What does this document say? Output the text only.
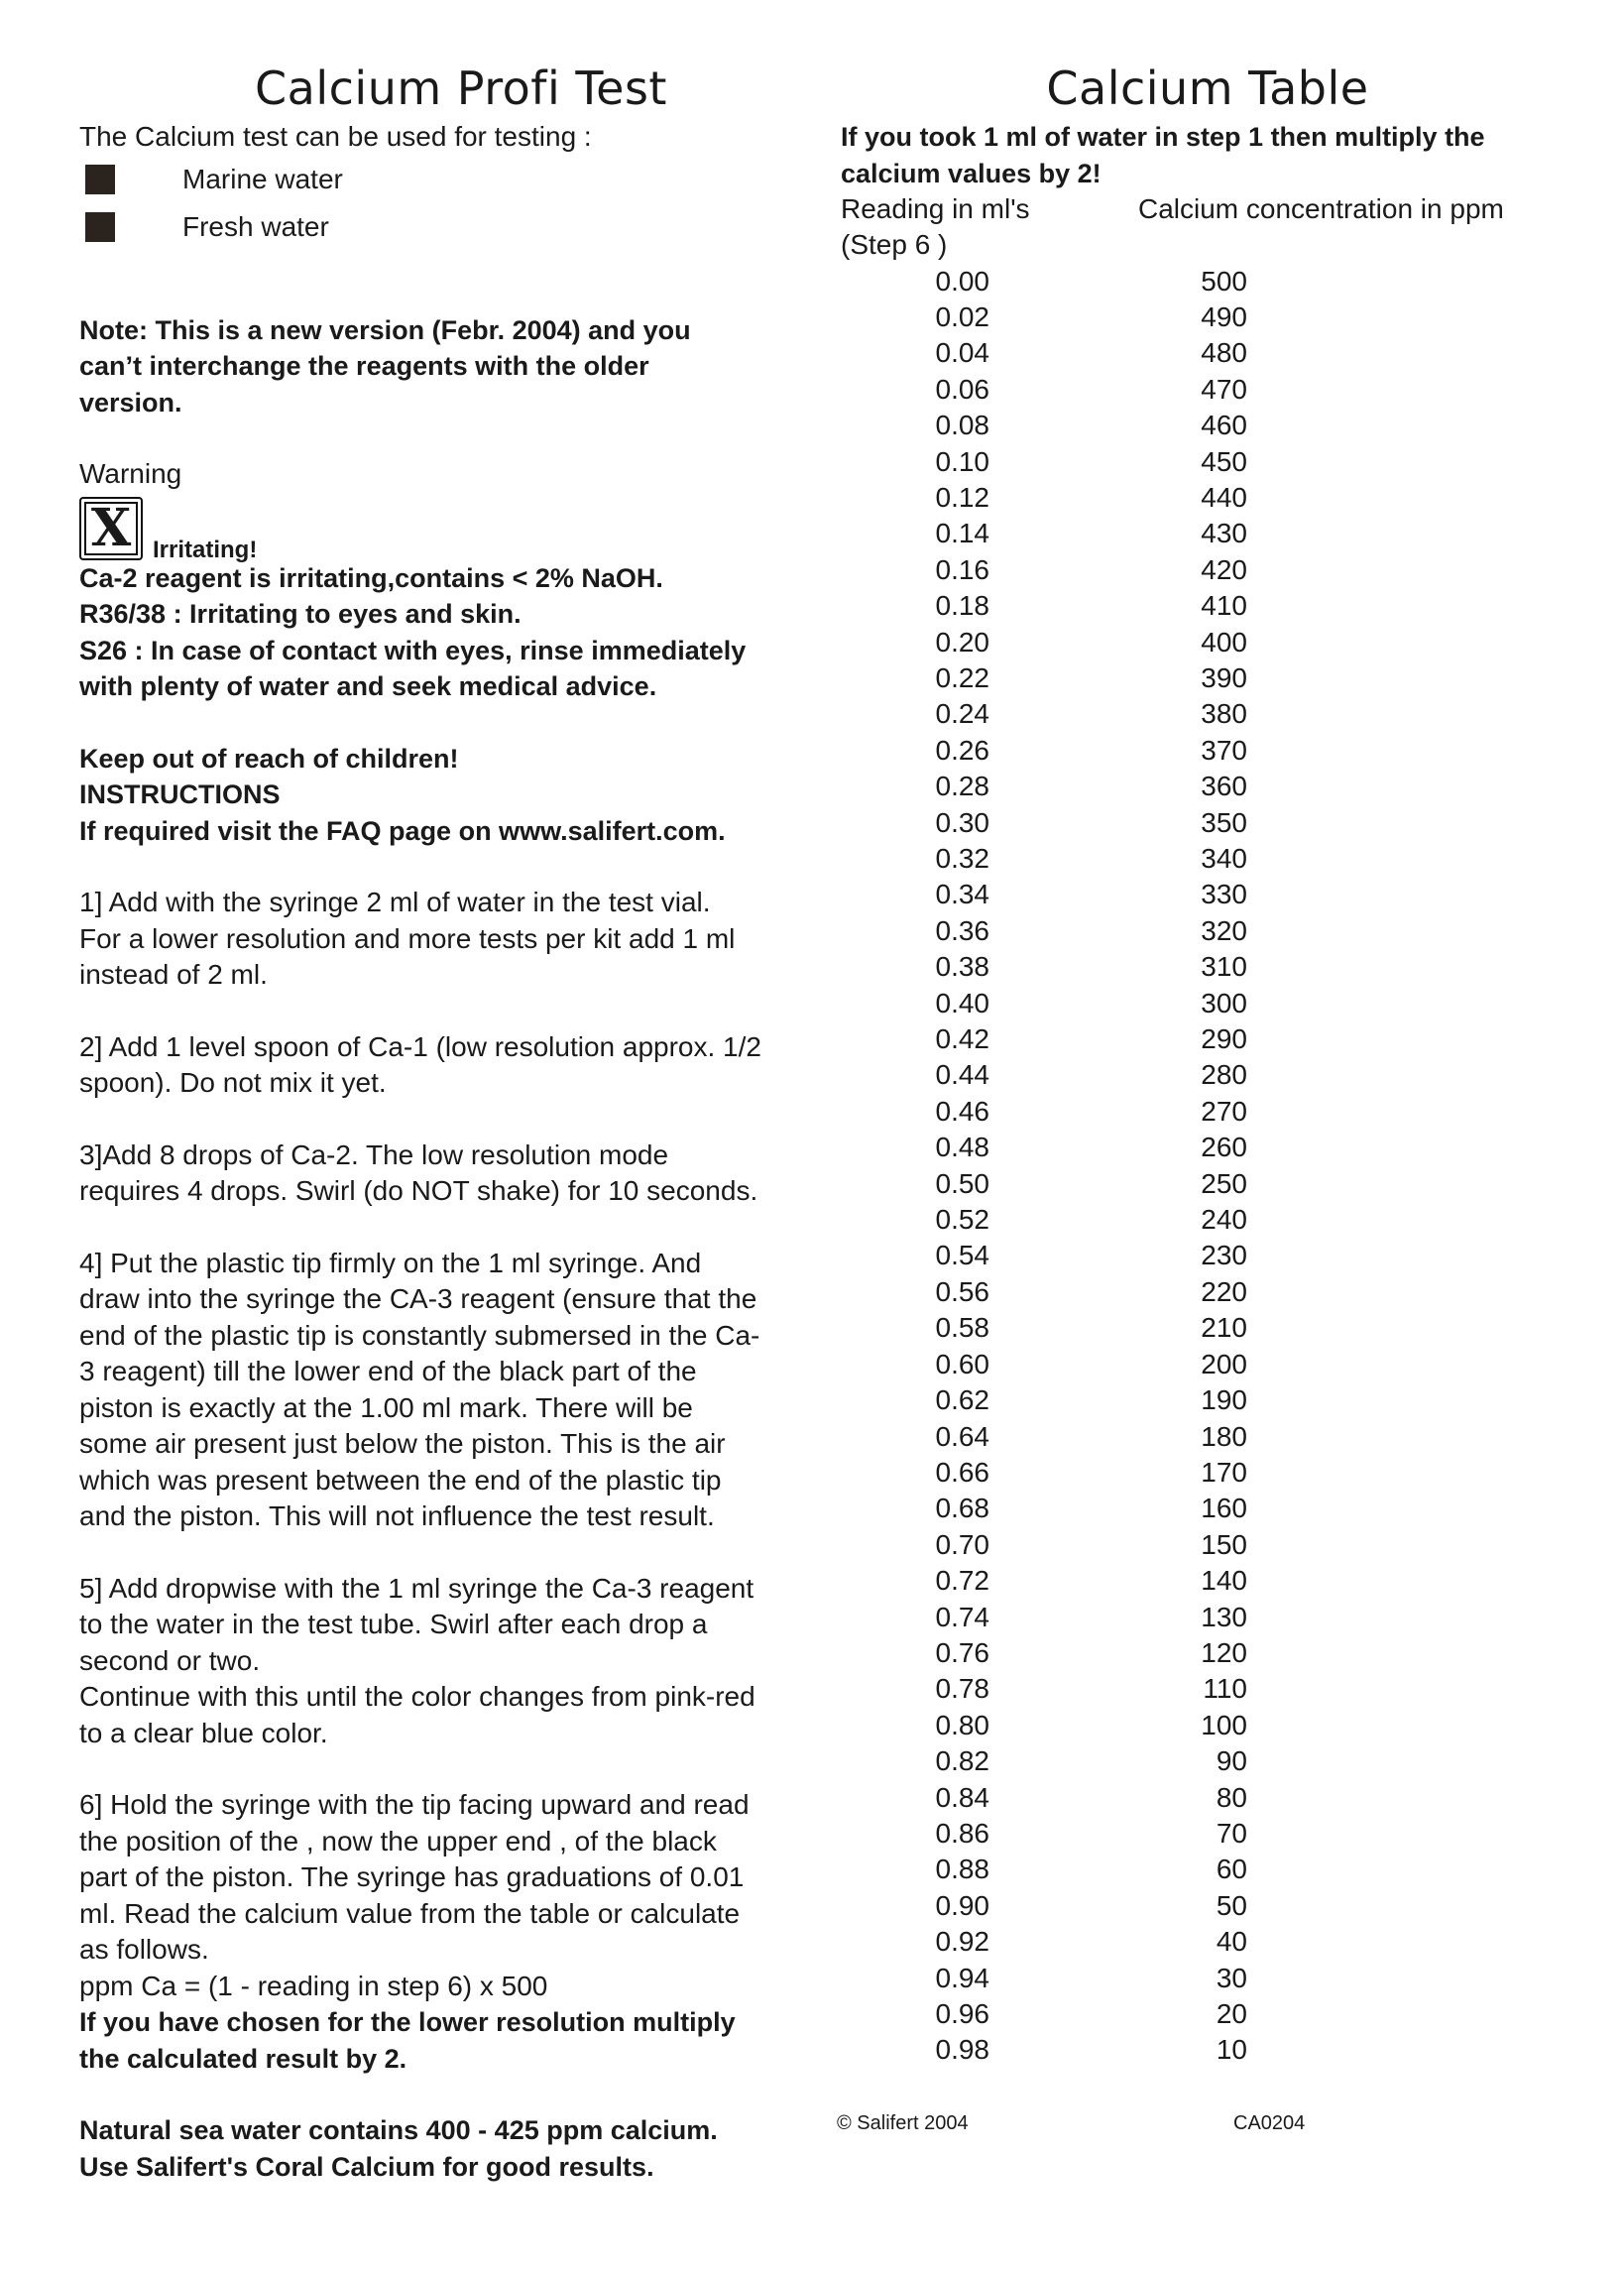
Calcium Profi Test
The Calcium test can be used for testing :
Marine water
Fresh water
Note: This is a new version (Febr. 2004) and you
can’t interchange the reagents with the older
version.
Warning
X Irritating!
Ca-2 reagent is irritating,contains < 2% NaOH.
R36/38 : Irritating to eyes and skin.
S26 : In case of contact with eyes, rinse immediately
with plenty of water and seek medical advice.
Keep out of reach of children!
INSTRUCTIONS
If required visit the FAQ page on www.salifert.com.
1] Add with the syringe 2 ml of water in the test vial.
For a lower resolution and more tests per kit add 1 ml
instead of 2 ml.
2] Add 1 level spoon of Ca-1 (low resolution approx. 1/2
spoon). Do not mix it yet.
3]Add 8 drops of Ca-2. The low resolution mode
requires 4 drops. Swirl (do NOT shake) for 10 seconds.
4] Put the plastic tip firmly on the 1 ml syringe. And
draw into the syringe the CA-3 reagent (ensure that the
end of the plastic tip is constantly submersed in the Ca-
3 reagent) till the lower end of the black part of the
piston is exactly at the 1.00 ml mark. There will be
some air present just below the piston. This is the air
which was present between the end of the plastic tip
and the piston. This will not influence the test result.
5] Add dropwise with the 1 ml syringe the Ca-3 reagent
to the water in the test tube. Swirl after each drop a
second or two.
Continue with this until the color changes from pink-red
to a clear blue color.
6] Hold the syringe with the tip facing upward and read
the position of the , now the upper end , of the black
part of the piston. The syringe has graduations of 0.01
ml. Read the calcium value from the table or calculate
as follows.
ppm Ca = (1 - reading in step 6) x 500
If you have chosen for the lower resolution multiply
the calculated result by 2.
Natural sea water contains 400 - 425 ppm calcium.
Use Salifert's Coral Calcium for good results.
Calcium Table
If you took 1 ml of water in step 1 then multiply the
calcium values by 2!
Reading in ml's	Calcium concentration in ppm
(Step 6 )
0.00	500
0.02	490
0.04	480
0.06	470
0.08	460
0.10	450
0.12	440
0.14	430
0.16	420
0.18	410
0.20	400
0.22	390
0.24	380
0.26	370
0.28	360
0.30	350
0.32	340
0.34	330
0.36	320
0.38	310
0.40	300
0.42	290
0.44	280
0.46	270
0.48	260
0.50	250
0.52	240
0.54	230
0.56	220
0.58	210
0.60	200
0.62	190
0.64	180
0.66	170
0.68	160
0.70	150
0.72	140
0.74	130
0.76	120
0.78	110
0.80	100
0.82	90
0.84	80
0.86	70
0.88	60
0.90	50
0.92	40
0.94	30
0.96	20
0.98	10
© Salifert 2004	CA0204
